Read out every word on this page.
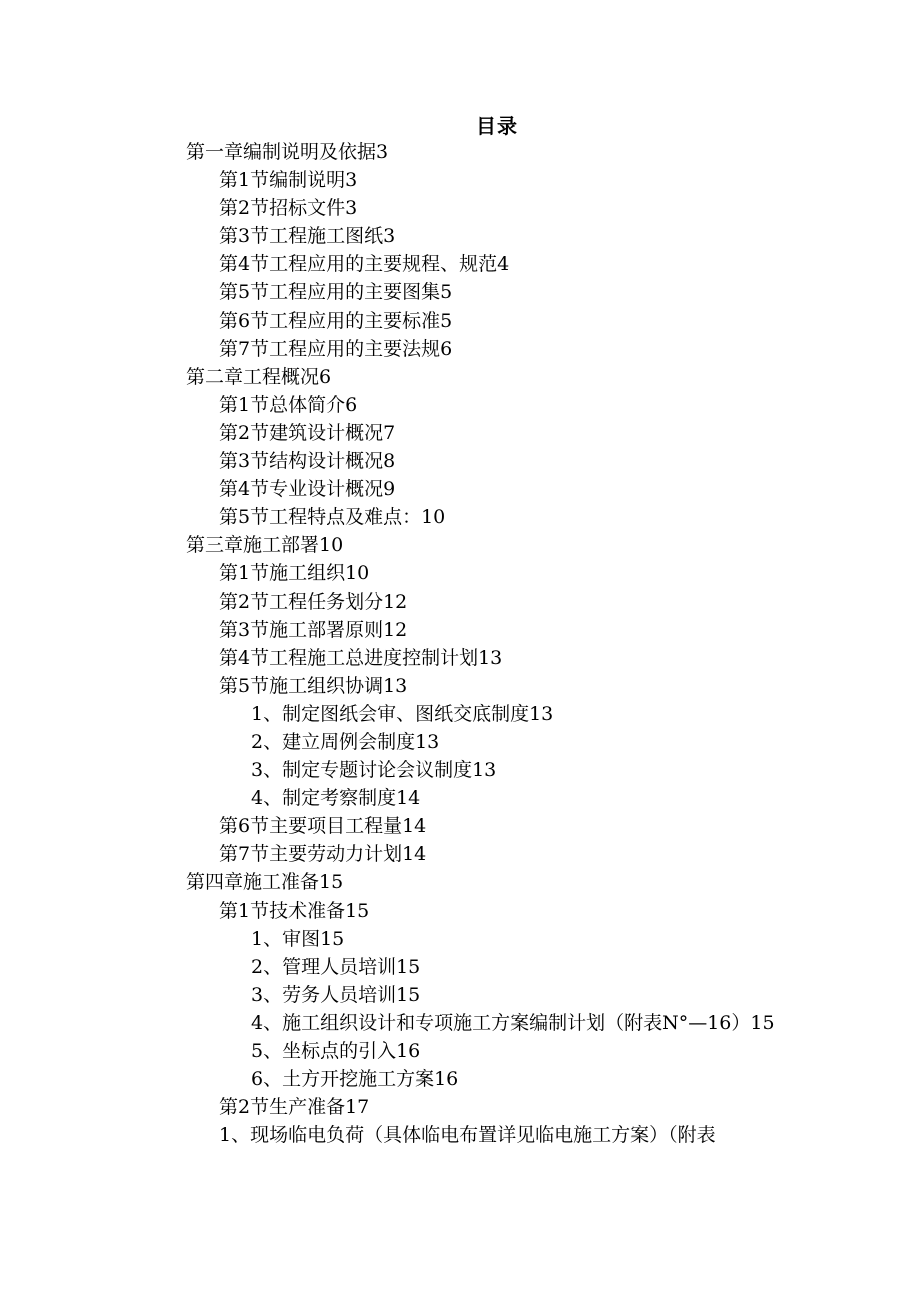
目录
第一章编制说明及依据3
第1节编制说明3
第2节招标文件3
第3节工程施工图纸3
第4节工程应用的主要规程、规范4
第5节工程应用的主要图集5
第6节工程应用的主要标准5
第7节工程应用的主要法规6
第二章工程概况6
第1节总体简介6
第2节建筑设计概况7
第3节结构设计概况8
第4节专业设计概况9
第5节工程特点及难点：10
第三章施工部署10
第1节施工组织10
第2节工程任务划分12
第3节施工部署原则12
第4节工程施工总进度控制计划13
第5节施工组织协调13
1、制定图纸会审、图纸交底制度13
2、建立周例会制度13
3、制定专题讨论会议制度13
4、制定考察制度14
第6节主要项目工程量14
第7节主要劳动力计划14
第四章施工准备15
第1节技术准备15
1、审图15
2、管理人员培训15
3、劳务人员培训15
4、施工组织设计和专项施工方案编制计划（附表N°—16）15
5、坐标点的引入16
6、土方开挖施工方案16
第2节生产准备17
1、现场临电负荷（具体临电布置详见临电施工方案）（附表
